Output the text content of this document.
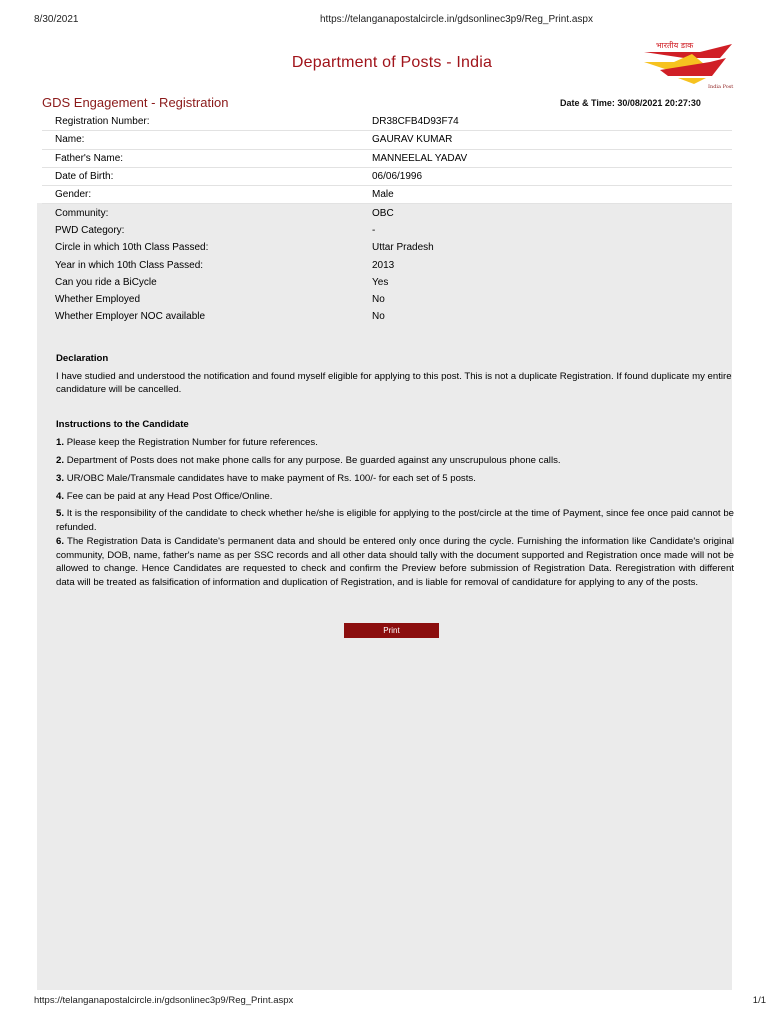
8/30/2021	https://telanganapostalcircle.in/gdsonlinec3p9/Reg_Print.aspx
Department of Posts - India
भारतीय डाक
India Post
GDS Engagement - Registration	Date & Time: 30/08/2021 20:27:30
Registration Number:	DR38CFB4D93F74
Name:	GAURAV KUMAR
Father's Name:	MANNEELAL YADAV
Date of Birth:	06/06/1996
Gender:	Male
Community:	OBC
PWD Category:	-
Circle in which 10th Class Passed:	Uttar Pradesh
Year in which 10th Class Passed:	2013
Can you ride a BiCycle	Yes
Whether Employed	No
Whether Employer NOC available	No
Declaration
I have studied and understood the notification and found myself eligible for applying to this post. This is not a duplicate Registration. If found duplicate my entire candidature will be cancelled.
Instructions to the Candidate
1. Please keep the Registration Number for future references.
2. Department of Posts does not make phone calls for any purpose. Be guarded against any unscrupulous phone calls.
3. UR/OBC Male/Transmale candidates have to make payment of Rs. 100/- for each set of 5 posts.
4. Fee can be paid at any Head Post Office/Online.
5. It is the responsibility of the candidate to check whether he/she is eligible for applying to the post/circle at the time of Payment, since fee once paid cannot be refunded.
6. The Registration Data is Candidate's permanent data and should be entered only once during the cycle. Furnishing the information like Candidate's original community, DOB, name, father's name as per SSC records and all other data should tally with the document supported and Registration once made will not be allowed to change. Hence Candidates are requested to check and confirm the Preview before submission of Registration Data. Reregistration with different data will be treated as falsification of information and duplication of Registration, and is liable for removal of candidature for applying to any of the posts.
Print
https://telanganapostalcircle.in/gdsonlinec3p9/Reg_Print.aspx	1/1
